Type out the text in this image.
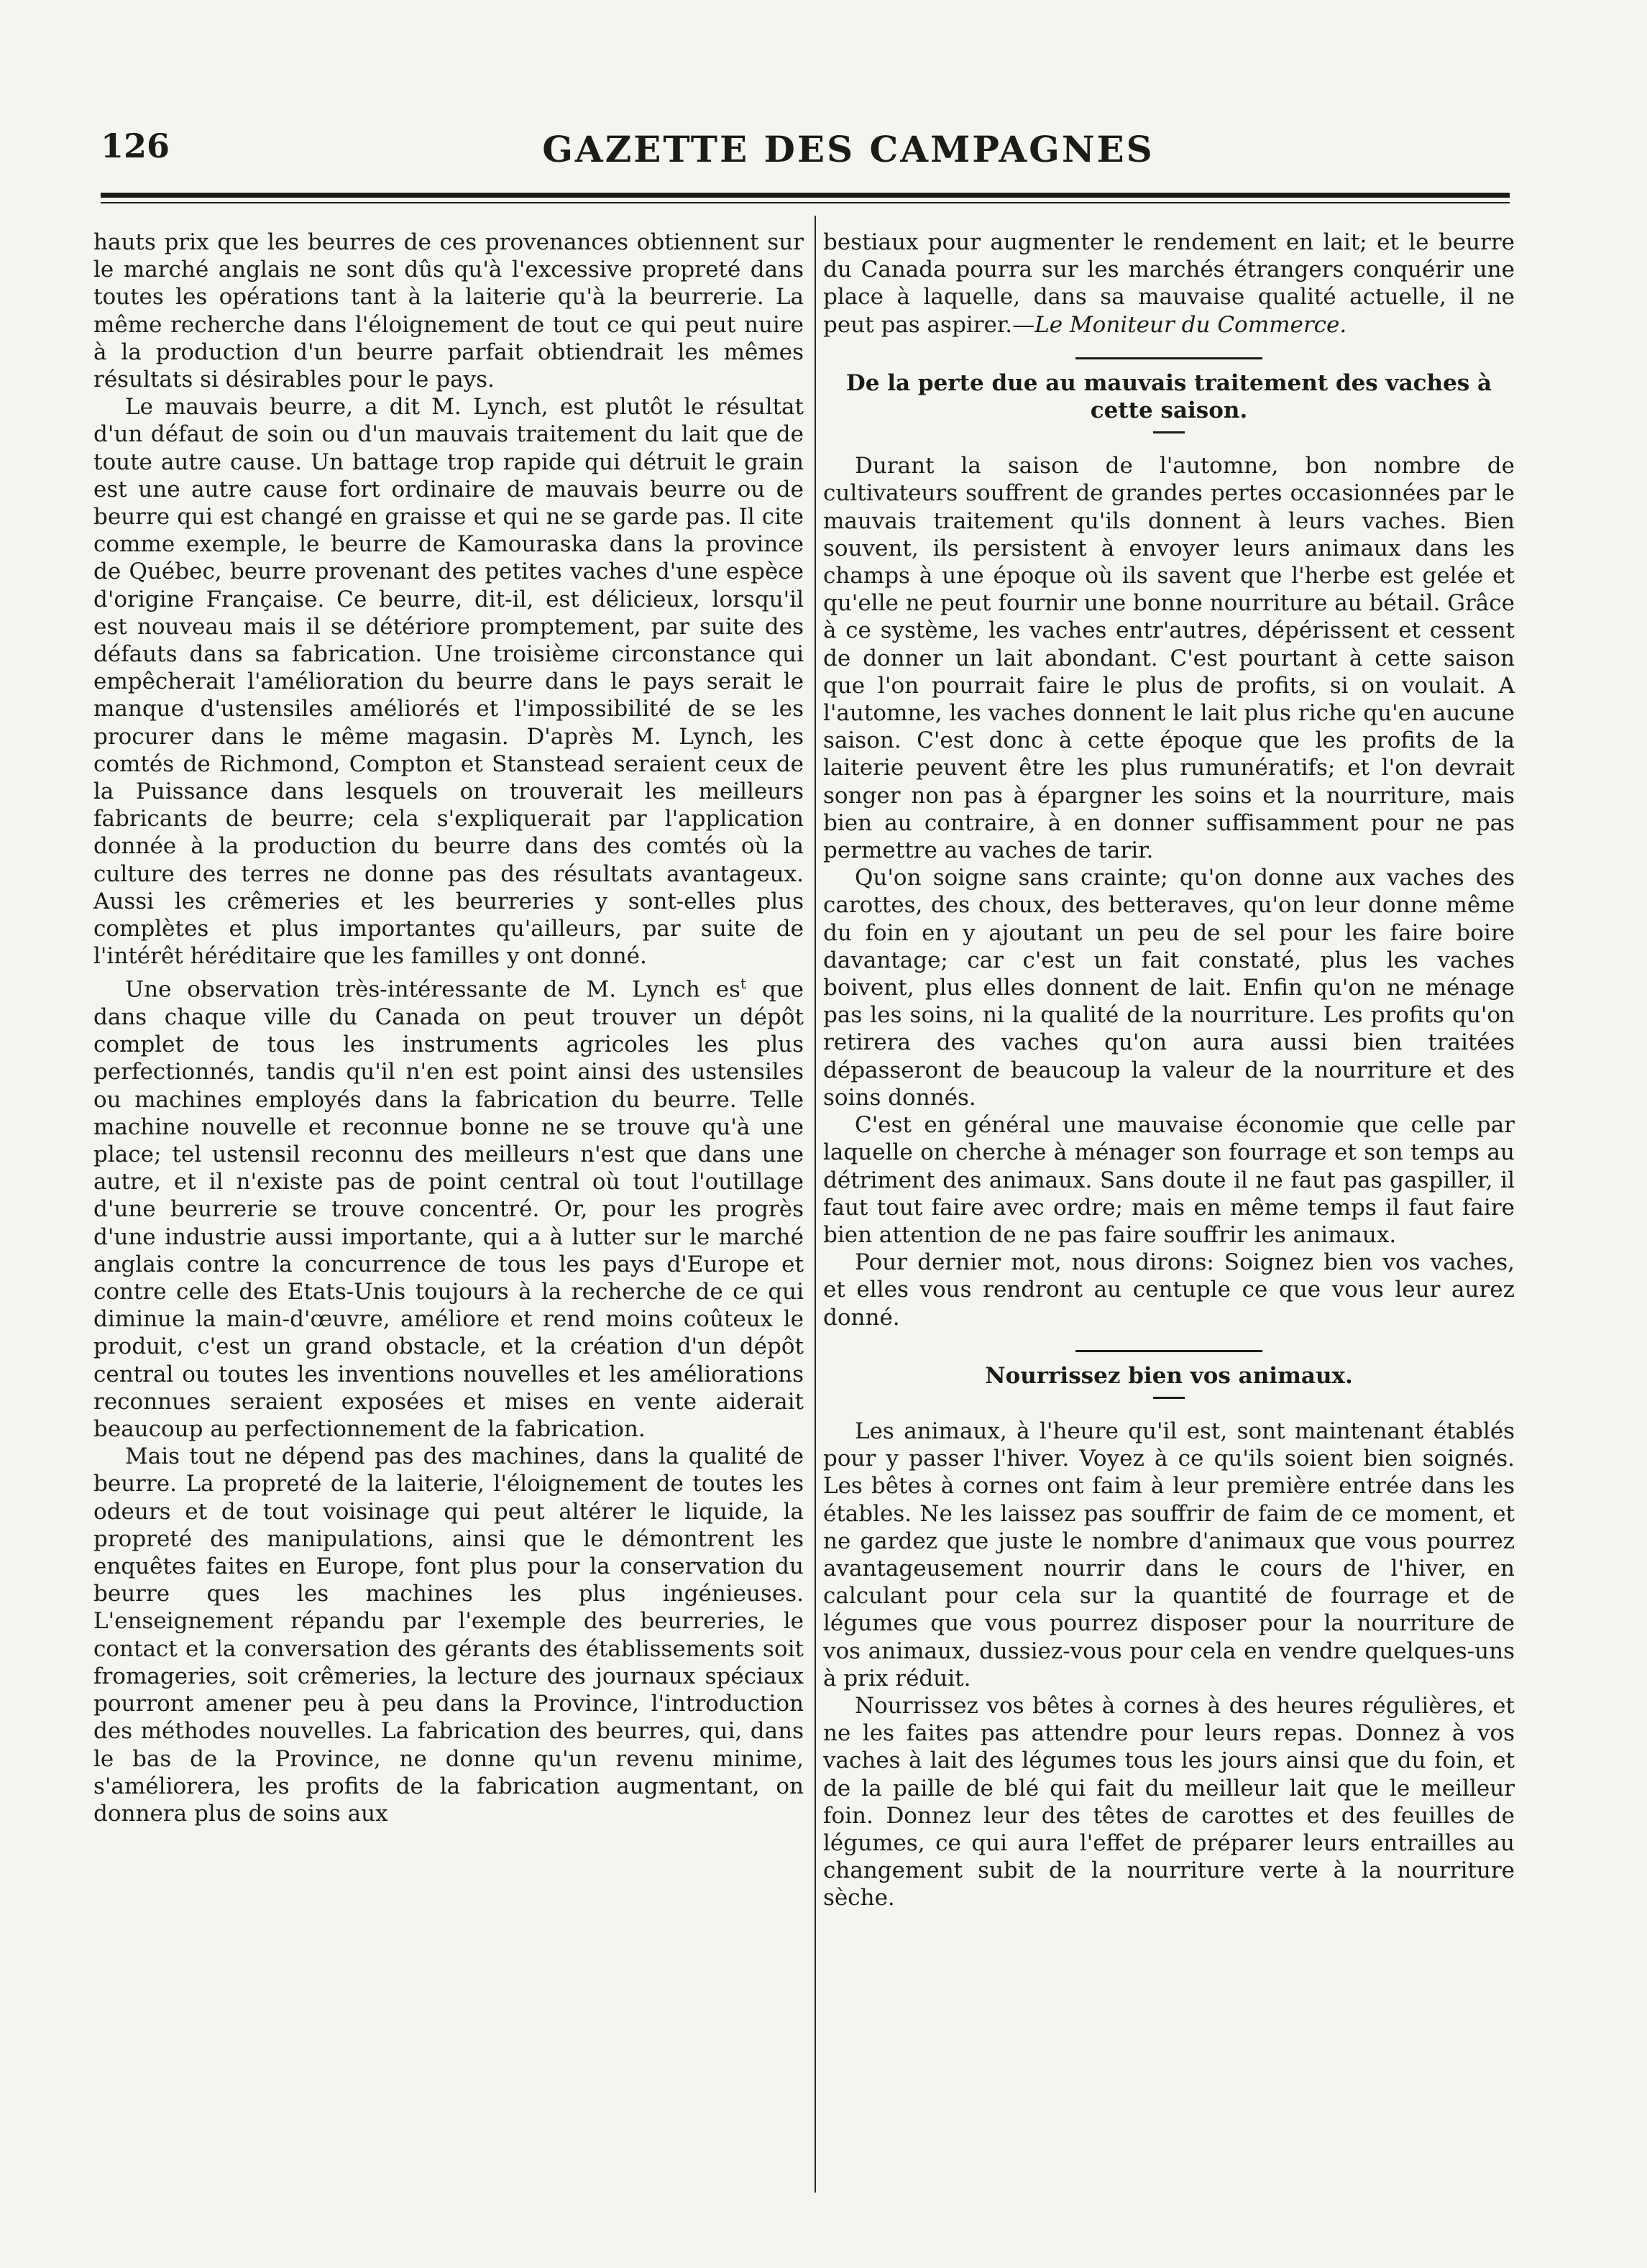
126	GAZETTE DES CAMPAGNES

hauts prix que les beurres de ces provenances obtiennent sur le marché anglais ne sont dûs qu'à l'excessive propreté dans toutes les opérations tant à la laiterie qu'à la beurrerie. La même recherche dans l'éloignement de tout ce qui peut nuire à la production d'un beurre parfait obtiendrait les mêmes résultats si désirables pour le pays.

Le mauvais beurre, a dit M. Lynch, est plutôt le résultat d'un défaut de soin ou d'un mauvais traitement du lait que de toute autre cause. Un battage trop rapide qui détruit le grain est une autre cause fort ordinaire de mauvais beurre ou de beurre qui est changé en graisse et qui ne se garde pas. Il cite comme exemple, le beurre de Kamouraska dans la province de Québec, beurre provenant des petites vaches d'une espèce d'origine Française. Ce beurre, dit-il, est délicieux, lorsqu'il est nouveau mais il se détériore promptement, par suite des défauts dans sa fabrication. Une troisième circonstance qui empêcherait l'amélioration du beurre dans le pays serait le manque d'ustensiles améliorés et l'impossibilité de se les procurer dans le même magasin. D'après M. Lynch, les comtés de Richmond, Compton et Stanstead seraient ceux de la Puissance dans lesquels on trouverait les meilleurs fabricants de beurre; cela s'expliquerait par l'application donnée à la production du beurre dans des comtés où la culture des terres ne donne pas des résultats avantageux. Aussi les crêmeries et les beurreries y sont-elles plus complètes et plus importantes qu'ailleurs, par suite de l'intérêt héréditaire que les familles y ont donné.

Une observation très-intéressante de M. Lynch $es^t$ que dans chaque ville du Canada on peut trouver un dépôt complet de tous les instruments agricoles les plus perfectionnés, tandis qu'il n'en est point ainsi des ustensiles ou machines employés dans la fabrication du beurre. Telle machine nouvelle et reconnue bonne ne se trouve qu'à une place; tel ustensil reconnu des meilleurs n'est que dans une autre, et il n'existe pas de point central où tout l'outillage d'une beurrerie se trouve concentré. Or, pour les progrès d'une industrie aussi importante, qui a à lutter sur le marché anglais contre la concurrence de tous les pays d'Europe et contre celle des Etats-Unis toujours à la recherche de ce qui diminue la main-d'œuvre, améliore et rend moins coûteux le produit, c'est un grand obstacle, et la création d'un dépôt central ou toutes les inventions nouvelles et les améliorations reconnues seraient exposées et mises en vente aiderait beaucoup au perfectionnement de la fabrication.

Mais tout ne dépend pas des machines, dans la qualité de beurre. La propreté de la laiterie, l'éloignement de toutes les odeurs et de tout voisinage qui peut altérer le liquide, la propreté des manipulations, ainsi que le démontrent les enquêtes faites en Europe, font plus pour la conservation du beurre ques les machines les plus ingénieuses. L'enseignement répandu par l'exemple des beurreries, le contact et la conversation des gérants des établissements soit fromageries, soit crêmeries, la lecture des journaux spéciaux pourront amener peu à peu dans la Province, l'introduction des méthodes nouvelles. La fabrication des beurres, qui, dans le bas de la Province, ne donne qu'un revenu minime, s'améliorera, les profits de la fabrication augmentant, on donnera plus de soins aux

bestiaux pour augmenter le rendement en lait; et le beurre du Canada pourra sur les marchés étrangers conquérir une place à laquelle, dans sa mauvaise qualité actuelle, il ne peut pas aspirer.—Le Moniteur du Commerce.

De la perte due au mauvais traitement des vaches à cette saison.

Durant la saison de l'automne, bon nombre de cultivateurs souffrent de grandes pertes occasionnées par le mauvais traitement qu'ils donnent à leurs vaches. Bien souvent, ils persistent à envoyer leurs animaux dans les champs à une époque où ils savent que l'herbe est gelée et qu'elle ne peut fournir une bonne nourriture au bétail. Grâce à ce système, les vaches entr'autres, dépérissent et cessent de donner un lait abondant. C'est pourtant à cette saison que l'on pourrait faire le plus de profits, si on voulait. A l'automne, les vaches donnent le lait plus riche qu'en aucune saison. C'est donc à cette époque que les profits de la laiterie peuvent être les plus rumunératifs; et l'on devrait songer non pas à épargner les soins et la nourriture, mais bien au contraire, à en donner suffisamment pour ne pas permettre au vaches de tarir.

Qu'on soigne sans crainte; qu'on donne aux vaches des carottes, des choux, des betteraves, qu'on leur donne même du foin en y ajoutant un peu de sel pour les faire boire davantage; car c'est un fait constaté, plus les vaches boivent, plus elles donnent de lait. Enfin qu'on ne ménage pas les soins, ni la qualité de la nourriture. Les profits qu'on retirera des vaches qu'on aura aussi bien traitées dépasseront de beaucoup la valeur de la nourriture et des soins donnés.

C'est en général une mauvaise économie que celle par laquelle on cherche à ménager son fourrage et son temps au détriment des animaux. Sans doute il ne faut pas gaspiller, il faut tout faire avec ordre; mais en même temps il faut faire bien attention de ne pas faire souffrir les animaux.

Pour dernier mot, nous dirons: Soignez bien vos vaches, et elles vous rendront au centuple ce que vous leur aurez donné.

Nourrissez bien vos animaux.

Les animaux, à l'heure qu'il est, sont maintenant établés pour y passer l'hiver. Voyez à ce qu'ils soient bien soignés. Les bêtes à cornes ont faim à leur première entrée dans les étables. Ne les laissez pas souffrir de faim de ce moment, et ne gardez que juste le nombre d'animaux que vous pourrez avantageusement nourrir dans le cours de l'hiver, en calculant pour cela sur la quantité de fourrage et de légumes que vous pourrez disposer pour la nourriture de vos animaux, dussiez-vous pour cela en vendre quelques-uns à prix réduit.

Nourrissez vos bêtes à cornes à des heures régulières, et ne les faites pas attendre pour leurs repas. Donnez à vos vaches à lait des légumes tous les jours ainsi que du foin, et de la paille de blé qui fait du meilleur lait que le meilleur foin. Donnez leur des têtes de carottes et des feuilles de légumes, ce qui aura l'effet de préparer leurs entrailles au changement subit de la nourriture verte à la nourriture sèche.
